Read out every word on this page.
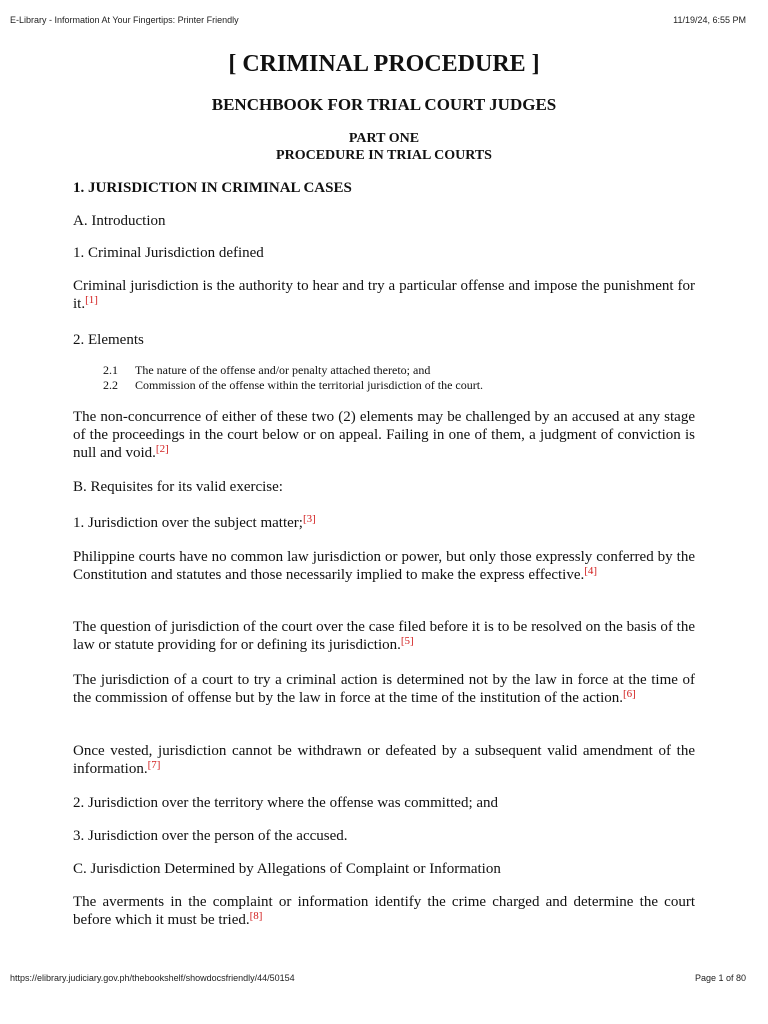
E-Library - Information At Your Fingertips: Printer Friendly	11/19/24, 6:55 PM
[ CRIMINAL PROCEDURE ]
BENCHBOOK FOR TRIAL COURT JUDGES
PART ONE
PROCEDURE IN TRIAL COURTS

1. JURISDICTION IN CRIMINAL CASES

A. Introduction

1. Criminal Jurisdiction defined

Criminal jurisdiction is the authority to hear and try a particular offense and impose the punishment for it.[1]

2. Elements

2.1	The nature of the offense and/or penalty attached thereto; and
2.2	Commission of the offense within the territorial jurisdiction of the court.

The non-concurrence of either of these two (2) elements may be challenged by an accused at any stage of the proceedings in the court below or on appeal. Failing in one of them, a judgment of conviction is null and void.[2]

B. Requisites for its valid exercise:

1. Jurisdiction over the subject matter;[3]

Philippine courts have no common law jurisdiction or power, but only those expressly conferred by the Constitution and statutes and those necessarily implied to make the express effective.[4]

The question of jurisdiction of the court over the case filed before it is to be resolved on the basis of the law or statute providing for or defining its jurisdiction.[5]

The jurisdiction of a court to try a criminal action is determined not by the law in force at the time of the commission of offense but by the law in force at the time of the institution of the action.[6]

Once vested, jurisdiction cannot be withdrawn or defeated by a subsequent valid amendment of the information.[7]

2. Jurisdiction over the territory where the offense was committed; and

3. Jurisdiction over the person of the accused.

C. Jurisdiction Determined by Allegations of Complaint or Information

The averments in the complaint or information identify the crime charged and determine the court before which it must be tried.[8]

https://elibrary.judiciary.gov.ph/thebookshelf/showdocsfriendly/44/50154	Page 1 of 80
